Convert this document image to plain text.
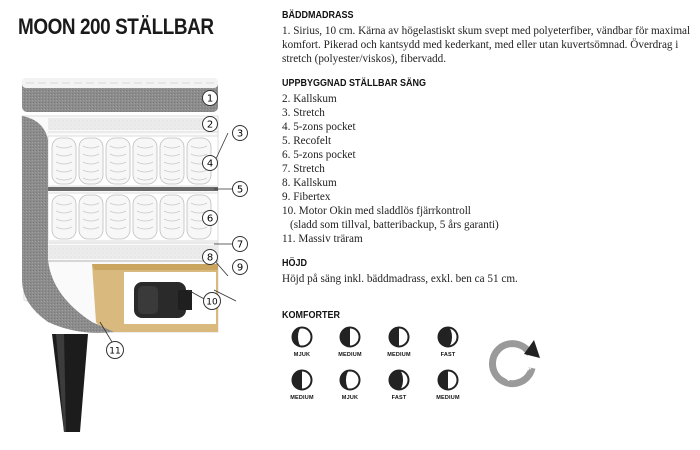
MOON 200 STÄLLBAR
1
2
3
4
5
6
7
8
9
10
11
BÄDDMADRASS

1. Sirius, 10 cm. Kärna av högelastiskt skum svept med polyeterfiber, vändbar för maximal komfort. Pikerad och kantsydd med kederkant, med eller utan kuvertsömnad. Överdrag i stretch (polyester/viskos), fibervadd.

UPPBYGGNAD STÄLLBAR SÄNG
2. Kallskum
3. Stretch
4. 5-zons pocket
5. Recofelt
6. 5-zons pocket
7. Stretch
8. Kallskum
9. Fibertex
10. Motor Okin med sladdlös fjärrkontroll
(sladd som tillval, batteribackup, 5 års garanti)
11. Massiv träram
HÖJD

Höjd på säng inkl. bäddmadrass, exkl. ben ca 51 cm.

KOMFORTER
MJUK	MEDIUM	MEDIUM	FAST
MEDIUM	MJUK	FAST	MEDIUM
VÄNDBAR
